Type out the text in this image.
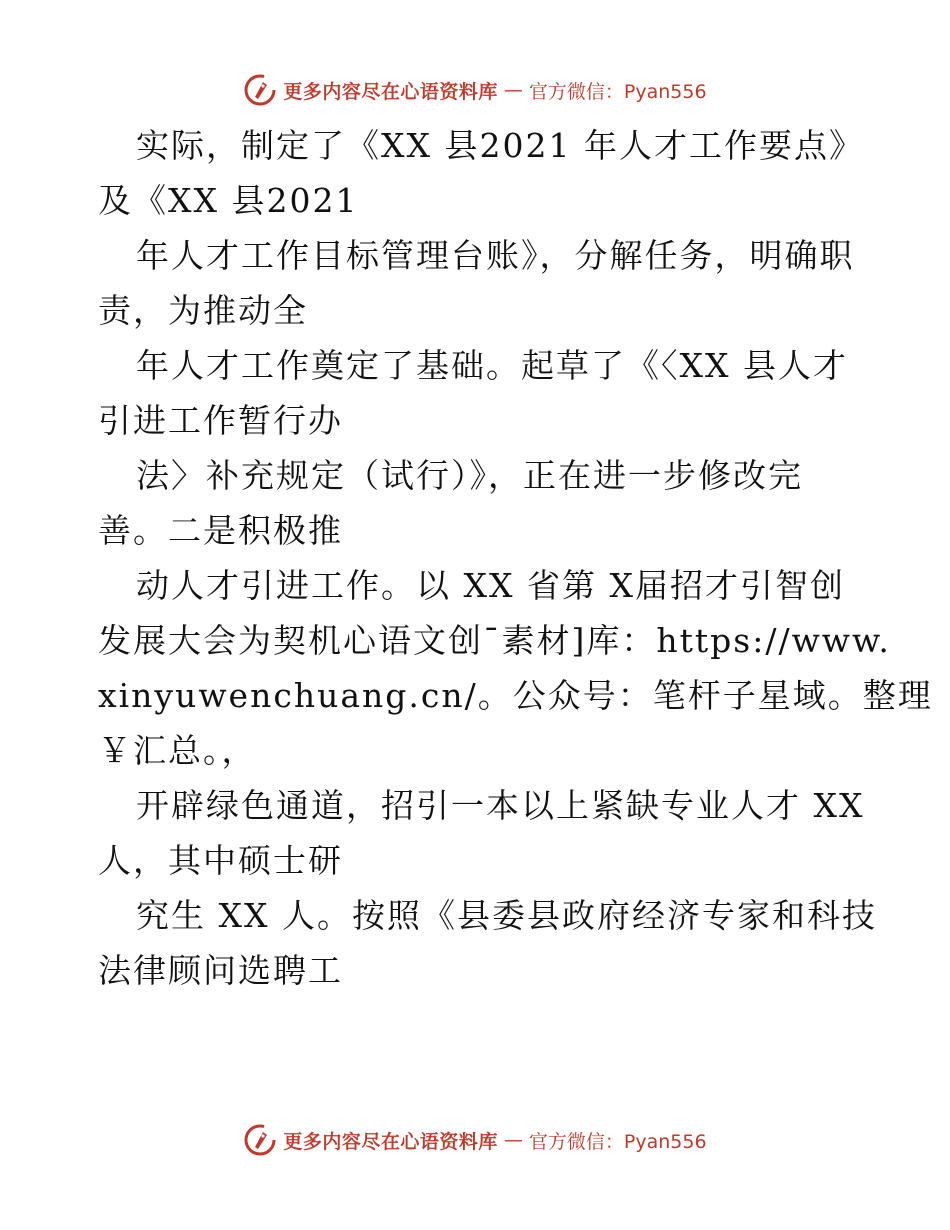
更多内容尽在心语资料库 — 官方微信：Pyan556
实际，制定了《XX 县2021 年人才工作要点》
及《XX 县2021
年人才工作目标管理台账》，分解任务，明确职
责，为推动全
年人才工作奠定了基础。起草了《〈XX 县人才
引进工作暂行办
法〉补充规定（试行）》，正在进一步修改完
善。二是积极推
动人才引进工作。以 XX 省第 X届招才引智创
发展大会为契机心语文创¯素材]库：https://www.
xinyuwenchuang.cn/。公众号：笔杆子星域。整理
￥汇总。，
开辟绿色通道，招引一本以上紧缺专业人才 XX
人，其中硕士研
究生 XX 人。按照《县委县政府经济专家和科技
法律顾问选聘工
更多内容尽在心语资料库 — 官方微信：Pyan556
